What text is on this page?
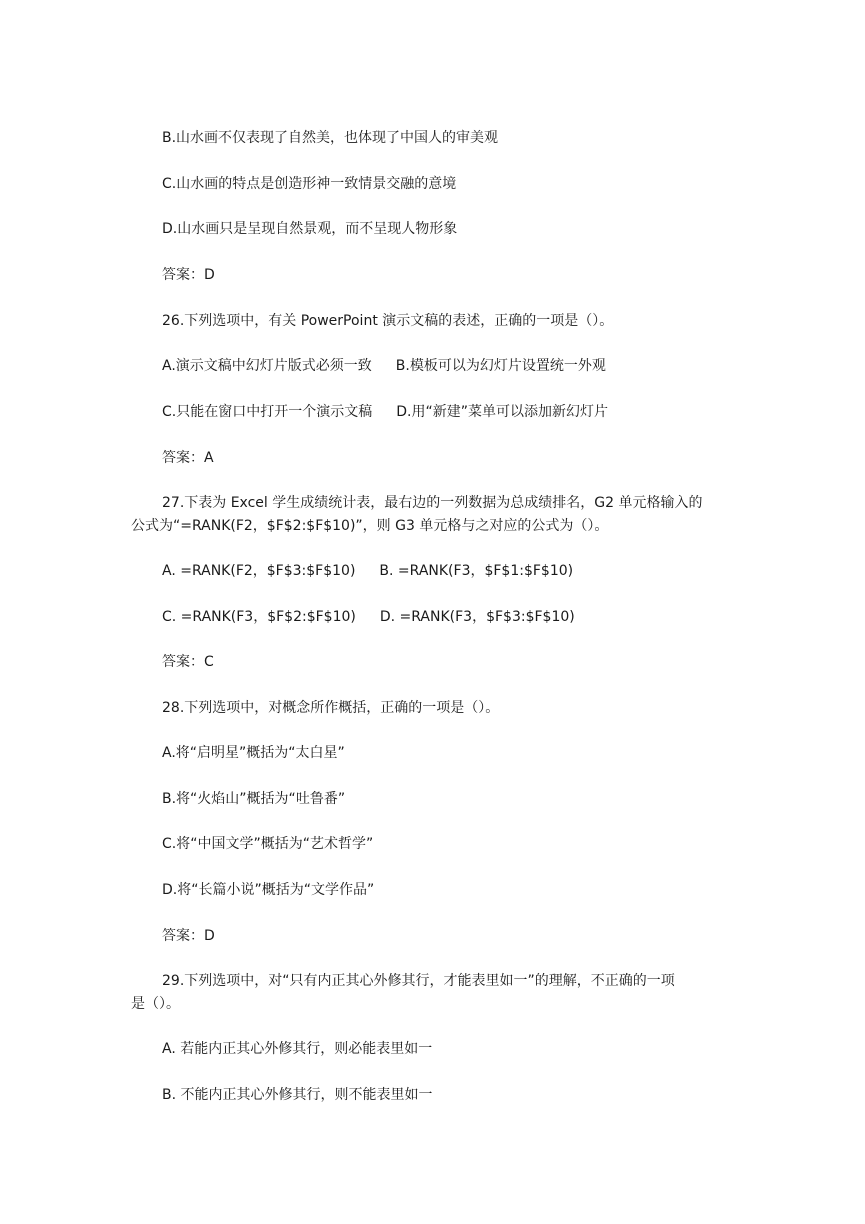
B.山水画不仅表现了自然美，也体现了中国人的审美观
C.山水画的特点是创造形神一致情景交融的意境
D.山水画只是呈现自然景观，而不呈现人物形象
答案：D
26.下列选项中，有关 PowerPoint 演示文稿的表述，正确的一项是（）。
A.演示文稿中幻灯片版式必须一致 B.模板可以为幻灯片设置统一外观
C.只能在窗口中打开一个演示文稿 D.用“新建”菜单可以添加新幻灯片
答案：A
27.下表为 Excel 学生成绩统计表，最右边的一列数据为总成绩排名，G2 单元格输入的
公式为“=RANK(F2，$F$2:$F$10)”，则 G3 单元格与之对应的公式为（）。
A. =RANK(F2，$F$3:$F$10) B. =RANK(F3，$F$1:$F$10)
C. =RANK(F3，$F$2:$F$10) D. =RANK(F3，$F$3:$F$10)
答案：C
28.下列选项中，对概念所作概括，正确的一项是（）。
A.将“启明星”概括为“太白星”
B.将“火焰山”概括为“吐鲁番”
C.将“中国文学”概括为“艺术哲学”
D.将“长篇小说”概括为“文学作品”
答案：D
29.下列选项中，对“只有内正其心外修其行，才能表里如一”的理解，不正确的一项
是（）。
A. 若能内正其心外修其行，则必能表里如一
B. 不能内正其心外修其行，则不能表里如一
